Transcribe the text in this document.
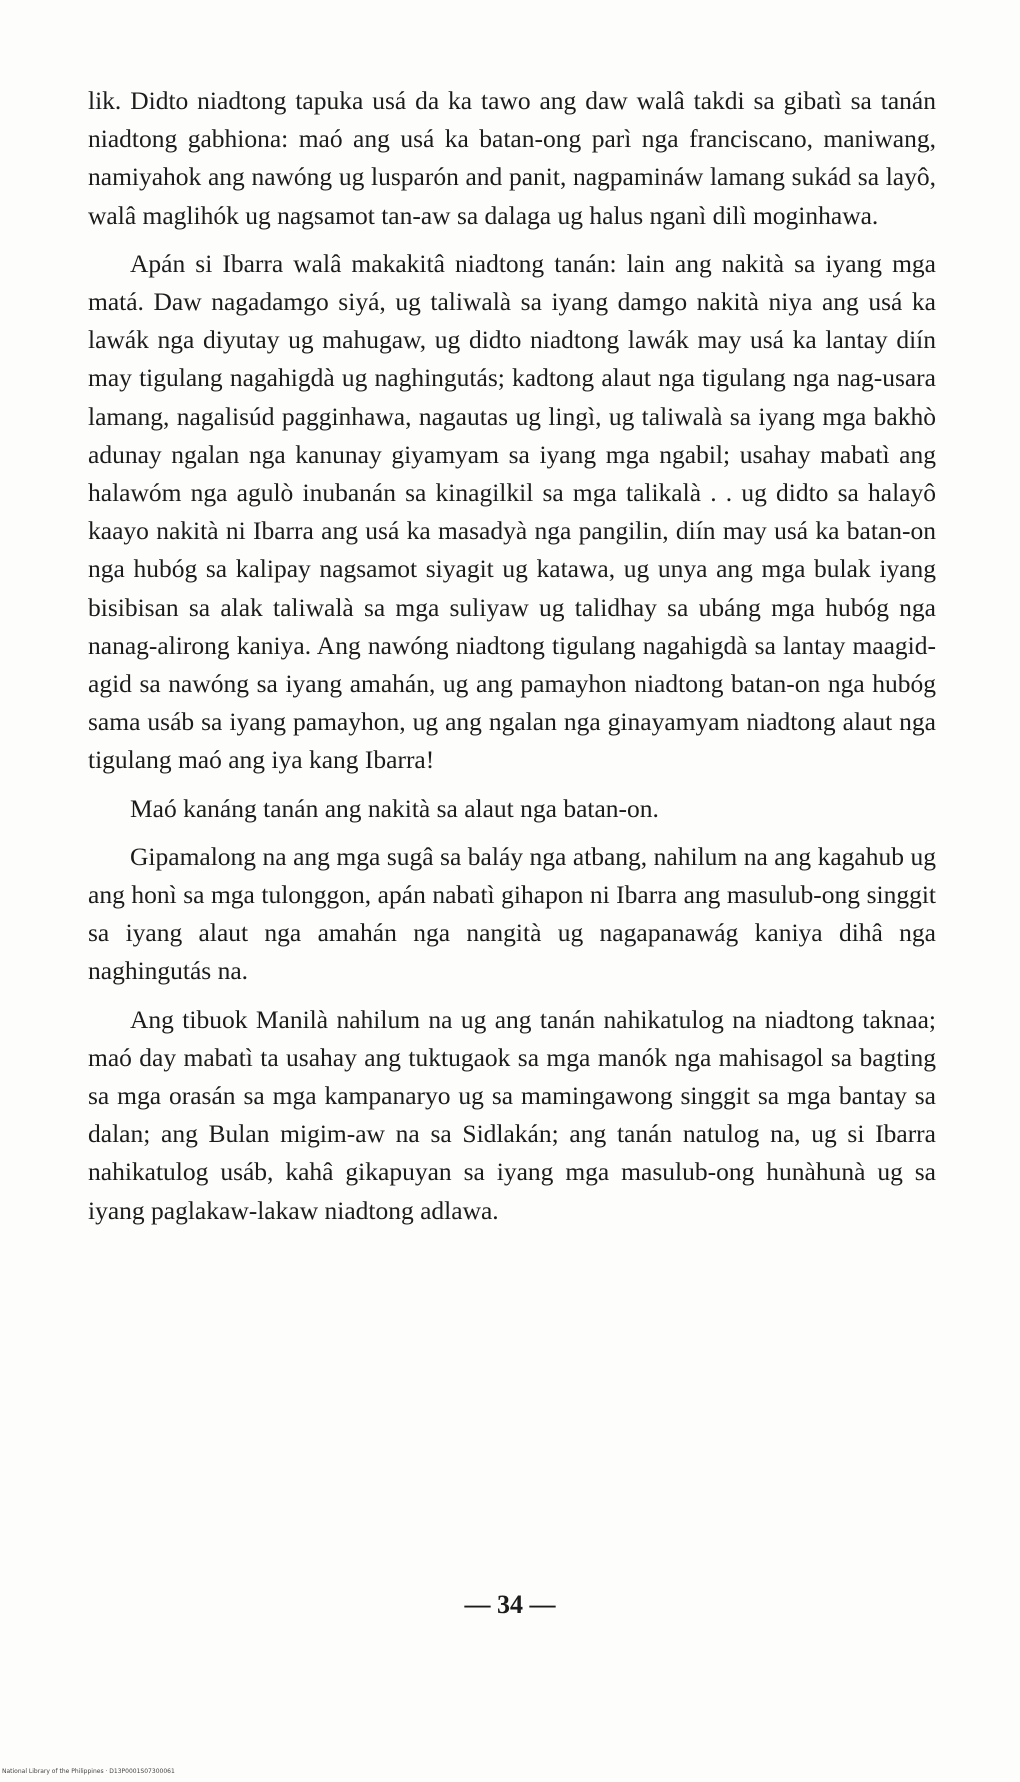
lik. Didto niadtong tapuka usá da ka tawo ang daw walâ takdi sa gibatì sa tanán niadtong gabhiona: maó ang usá ka batan-ong parì nga franciscano, maniwang, namiyahok ang nawóng ug lusparón and panit, nagpamináw lamang sukád sa layô, walâ maglihók ug nagsamot tan-aw sa dalaga ug halus nganì dilì moginhawa.

Apán si Ibarra walâ makakitâ niadtong tanán: lain ang nakità sa iyang mga matá. Daw nagadamgo siyá, ug taliwalà sa iyang damgo nakità niya ang usá ka lawák nga diyutay ug mahugaw, ug didto niadtong lawák may usá ka lantay diín may tigulang nagahigdà ug naghingutás; kadtong alaut nga tigulang nga nag-usara lamang, nagalisúd pagginhawa, nagautas ug lingì, ug taliwalà sa iyang mga bakhò adunay ngalan nga kanunay giyamyam sa iyang mga ngabil; usahay mabatì ang halawóm nga agulò inubanán sa kinagilkil sa mga talikalà . . ug didto sa halayô kaayo nakità ni Ibarra ang usá ka masadyà nga pangilin, diín may usá ka batan-on nga hubóg sa kalipay nagsamot siyagit ug katawa, ug unya ang mga bulak iyang bisibisan sa alak taliwalà sa mga suliyaw ug talidhay sa ubáng mga hubóg nga nanag-alirong kaniya. Ang nawóng niadtong tigulang nagahigdà sa lantay maagid-agid sa nawóng sa iyang amahán, ug ang pamayhon niadtong batan-on nga hubóg sama usáb sa iyang pamayhon, ug ang ngalan nga ginayamyam niadtong alaut nga tigulang maó ang iya kang Ibarra!

Maó kanáng tanán ang nakità sa alaut nga batan-on.

Gipamalong na ang mga sugâ sa baláy nga atbang, nahilum na ang kagahub ug ang honì sa mga tulonggon, apán nabatì gihapon ni Ibarra ang masulub-ong singgit sa iyang alaut nga amahán nga nangità ug nagapanawág kaniya dihâ nga naghingutás na.

Ang tibuok Manilà nahilum na ug ang tanán nahikatulog na niadtong taknaa; maó day mabatì ta usahay ang tuktugaok sa mga manók nga mahisagol sa bagting sa mga orasán sa mga kampanaryo ug sa mamingawong singgit sa mga bantay sa dalan; ang Bulan migim-aw na sa Sidlakán; ang tanán natulog na, ug si Ibarra nahikatulog usáb, kahâ gikapuyan sa iyang mga masulub-ong hunàhunà ug sa iyang paglakaw-lakaw niadtong adlawa.

— 34 —
National Library of the Philippines · D13P0001S07300061
